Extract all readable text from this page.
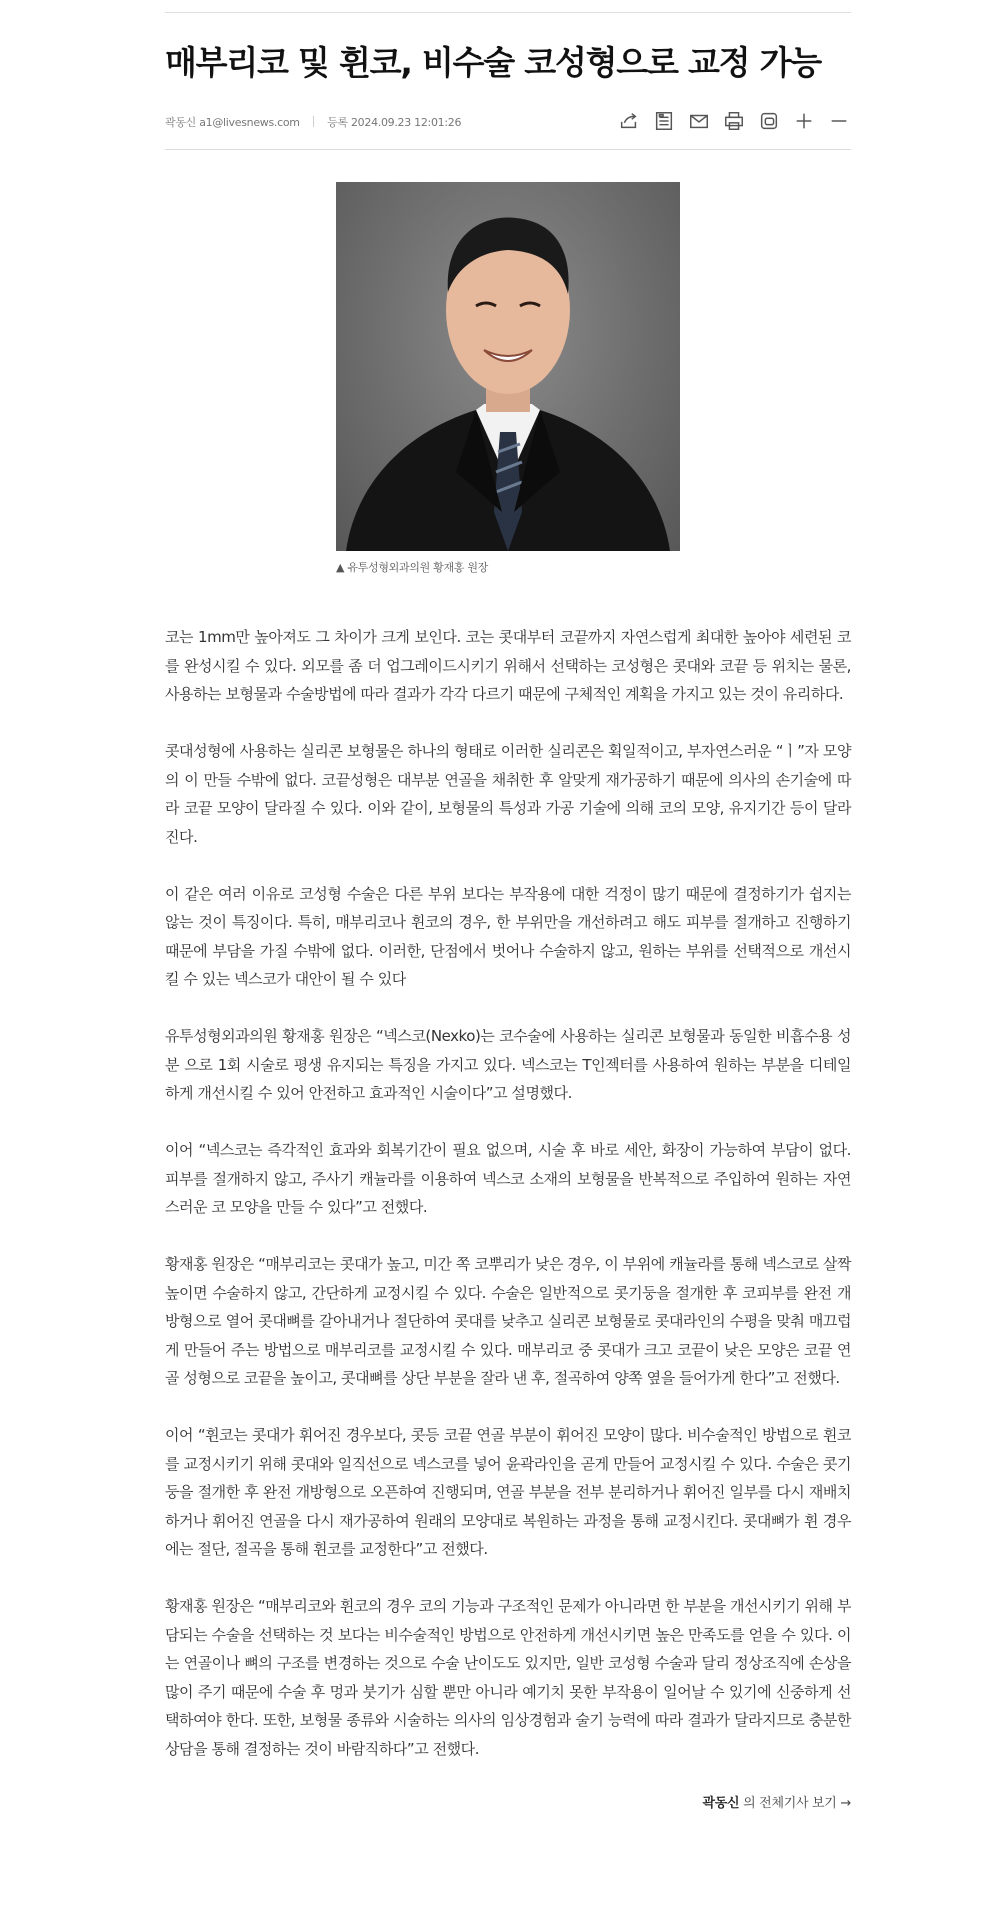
매부리코 및 휜코, 비수술 코성형으로 교정 가능
곽동신 a1@livesnews.com 등록 2024.09.23 12:01:26
▲ 유투성형외과의원 황재홍 원장

코는 1mm만 높아져도 그 차이가 크게 보인다. 코는 콧대부터 코끝까지 자연스럽게 최대한 높아야 세련된 코를 완성시킬 수 있다. 외모를 좀 더 업그레이드시키기 위해서 선택하는 코성형은 콧대와 코끝 등 위치는 물론, 사용하는 보형물과 수술방법에 따라 결과가 각각 다르기 때문에 구체적인 계획을 가지고 있는 것이 유리하다.

콧대성형에 사용하는 실리콘 보형물은 하나의 형태로 이러한 실리콘은 획일적이고, 부자연스러운 “ㅣ”자 모양의 이 만들 수밖에 없다. 코끝성형은 대부분 연골을 채취한 후 알맞게 재가공하기 때문에 의사의 손기술에 따라 코끝 모양이 달라질 수 있다. 이와 같이, 보형물의 특성과 가공 기술에 의해 코의 모양, 유지기간 등이 달라진다.

이 같은 여러 이유로 코성형 수술은 다른 부위 보다는 부작용에 대한 걱정이 많기 때문에 결정하기가 쉽지는 않는 것이 특징이다. 특히, 매부리코나 휜코의 경우, 한 부위만을 개선하려고 해도 피부를 절개하고 진행하기 때문에 부담을 가질 수밖에 없다. 이러한, 단점에서 벗어나 수술하지 않고, 원하는 부위를 선택적으로 개선시킬 수 있는 넥스코가 대안이 될 수 있다

유투성형외과의원 황재홍 원장은 “넥스코(Nexko)는 코수술에 사용하는 실리콘 보형물과 동일한 비흡수용 성분 으로 1회 시술로 평생 유지되는 특징을 가지고 있다. 넥스코는 T인젝터를 사용하여 원하는 부분을 디테일하게 개선시킬 수 있어 안전하고 효과적인 시술이다”고 설명했다.

이어 “넥스코는 즉각적인 효과와 회복기간이 필요 없으며, 시술 후 바로 세안, 화장이 가능하여 부담이 없다. 피부를 절개하지 않고, 주사기 캐뉼라를 이용하여 넥스코 소재의 보형물을 반복적으로 주입하여 원하는 자연스러운 코 모양을 만들 수 있다”고 전했다.

황재홍 원장은 “매부리코는 콧대가 높고, 미간 쪽 코뿌리가 낮은 경우, 이 부위에 캐뉼라를 통해 넥스코로 살짝 높이면 수술하지 않고, 간단하게 교정시킬 수 있다. 수술은 일반적으로 콧기둥을 절개한 후 코피부를 완전 개방형으로 열어 콧대뼈를 갈아내거나 절단하여 콧대를 낮추고 실리콘 보형물로 콧대라인의 수평을 맞춰 매끄럽게 만들어 주는 방법으로 매부리코를 교정시킬 수 있다. 매부리코 중 콧대가 크고 코끝이 낮은 모양은 코끝 연골 성형으로 코끝을 높이고, 콧대뼈를 상단 부분을 잘라 낸 후, 절곡하여 양쪽 옆을 들어가게 한다”고 전했다.

이어 “휜코는 콧대가 휘어진 경우보다, 콧등 코끝 연골 부분이 휘어진 모양이 많다. 비수술적인 방법으로 휜코를 교정시키기 위해 콧대와 일직선으로 넥스코를 넣어 윤곽라인을 곧게 만들어 교정시킬 수 있다. 수술은 콧기둥을 절개한 후 완전 개방형으로 오픈하여 진행되며, 연골 부분을 전부 분리하거나 휘어진 일부를 다시 재배치하거나 휘어진 연골을 다시 재가공하여 원래의 모양대로 복원하는 과정을 통해 교정시킨다. 콧대뼈가 휜 경우에는 절단, 절곡을 통해 휜코를 교정한다”고 전했다.

황재홍 원장은 “매부리코와 휜코의 경우 코의 기능과 구조적인 문제가 아니라면 한 부분을 개선시키기 위해 부담되는 수술을 선택하는 것 보다는 비수술적인 방법으로 안전하게 개선시키면 높은 만족도를 얻을 수 있다. 이는 연골이나 뼈의 구조를 변경하는 것으로 수술 난이도도 있지만, 일반 코성형 수술과 달리 정상조직에 손상을 많이 주기 때문에 수술 후 멍과 붓기가 심할 뿐만 아니라 예기치 못한 부작용이 일어날 수 있기에 신중하게 선택하여야 한다. 또한, 보형물 종류와 시술하는 의사의 임상경험과 술기 능력에 따라 결과가 달라지므로 충분한 상담을 통해 결정하는 것이 바람직하다”고 전했다.

곽동신 의 전체기사 보기 →
